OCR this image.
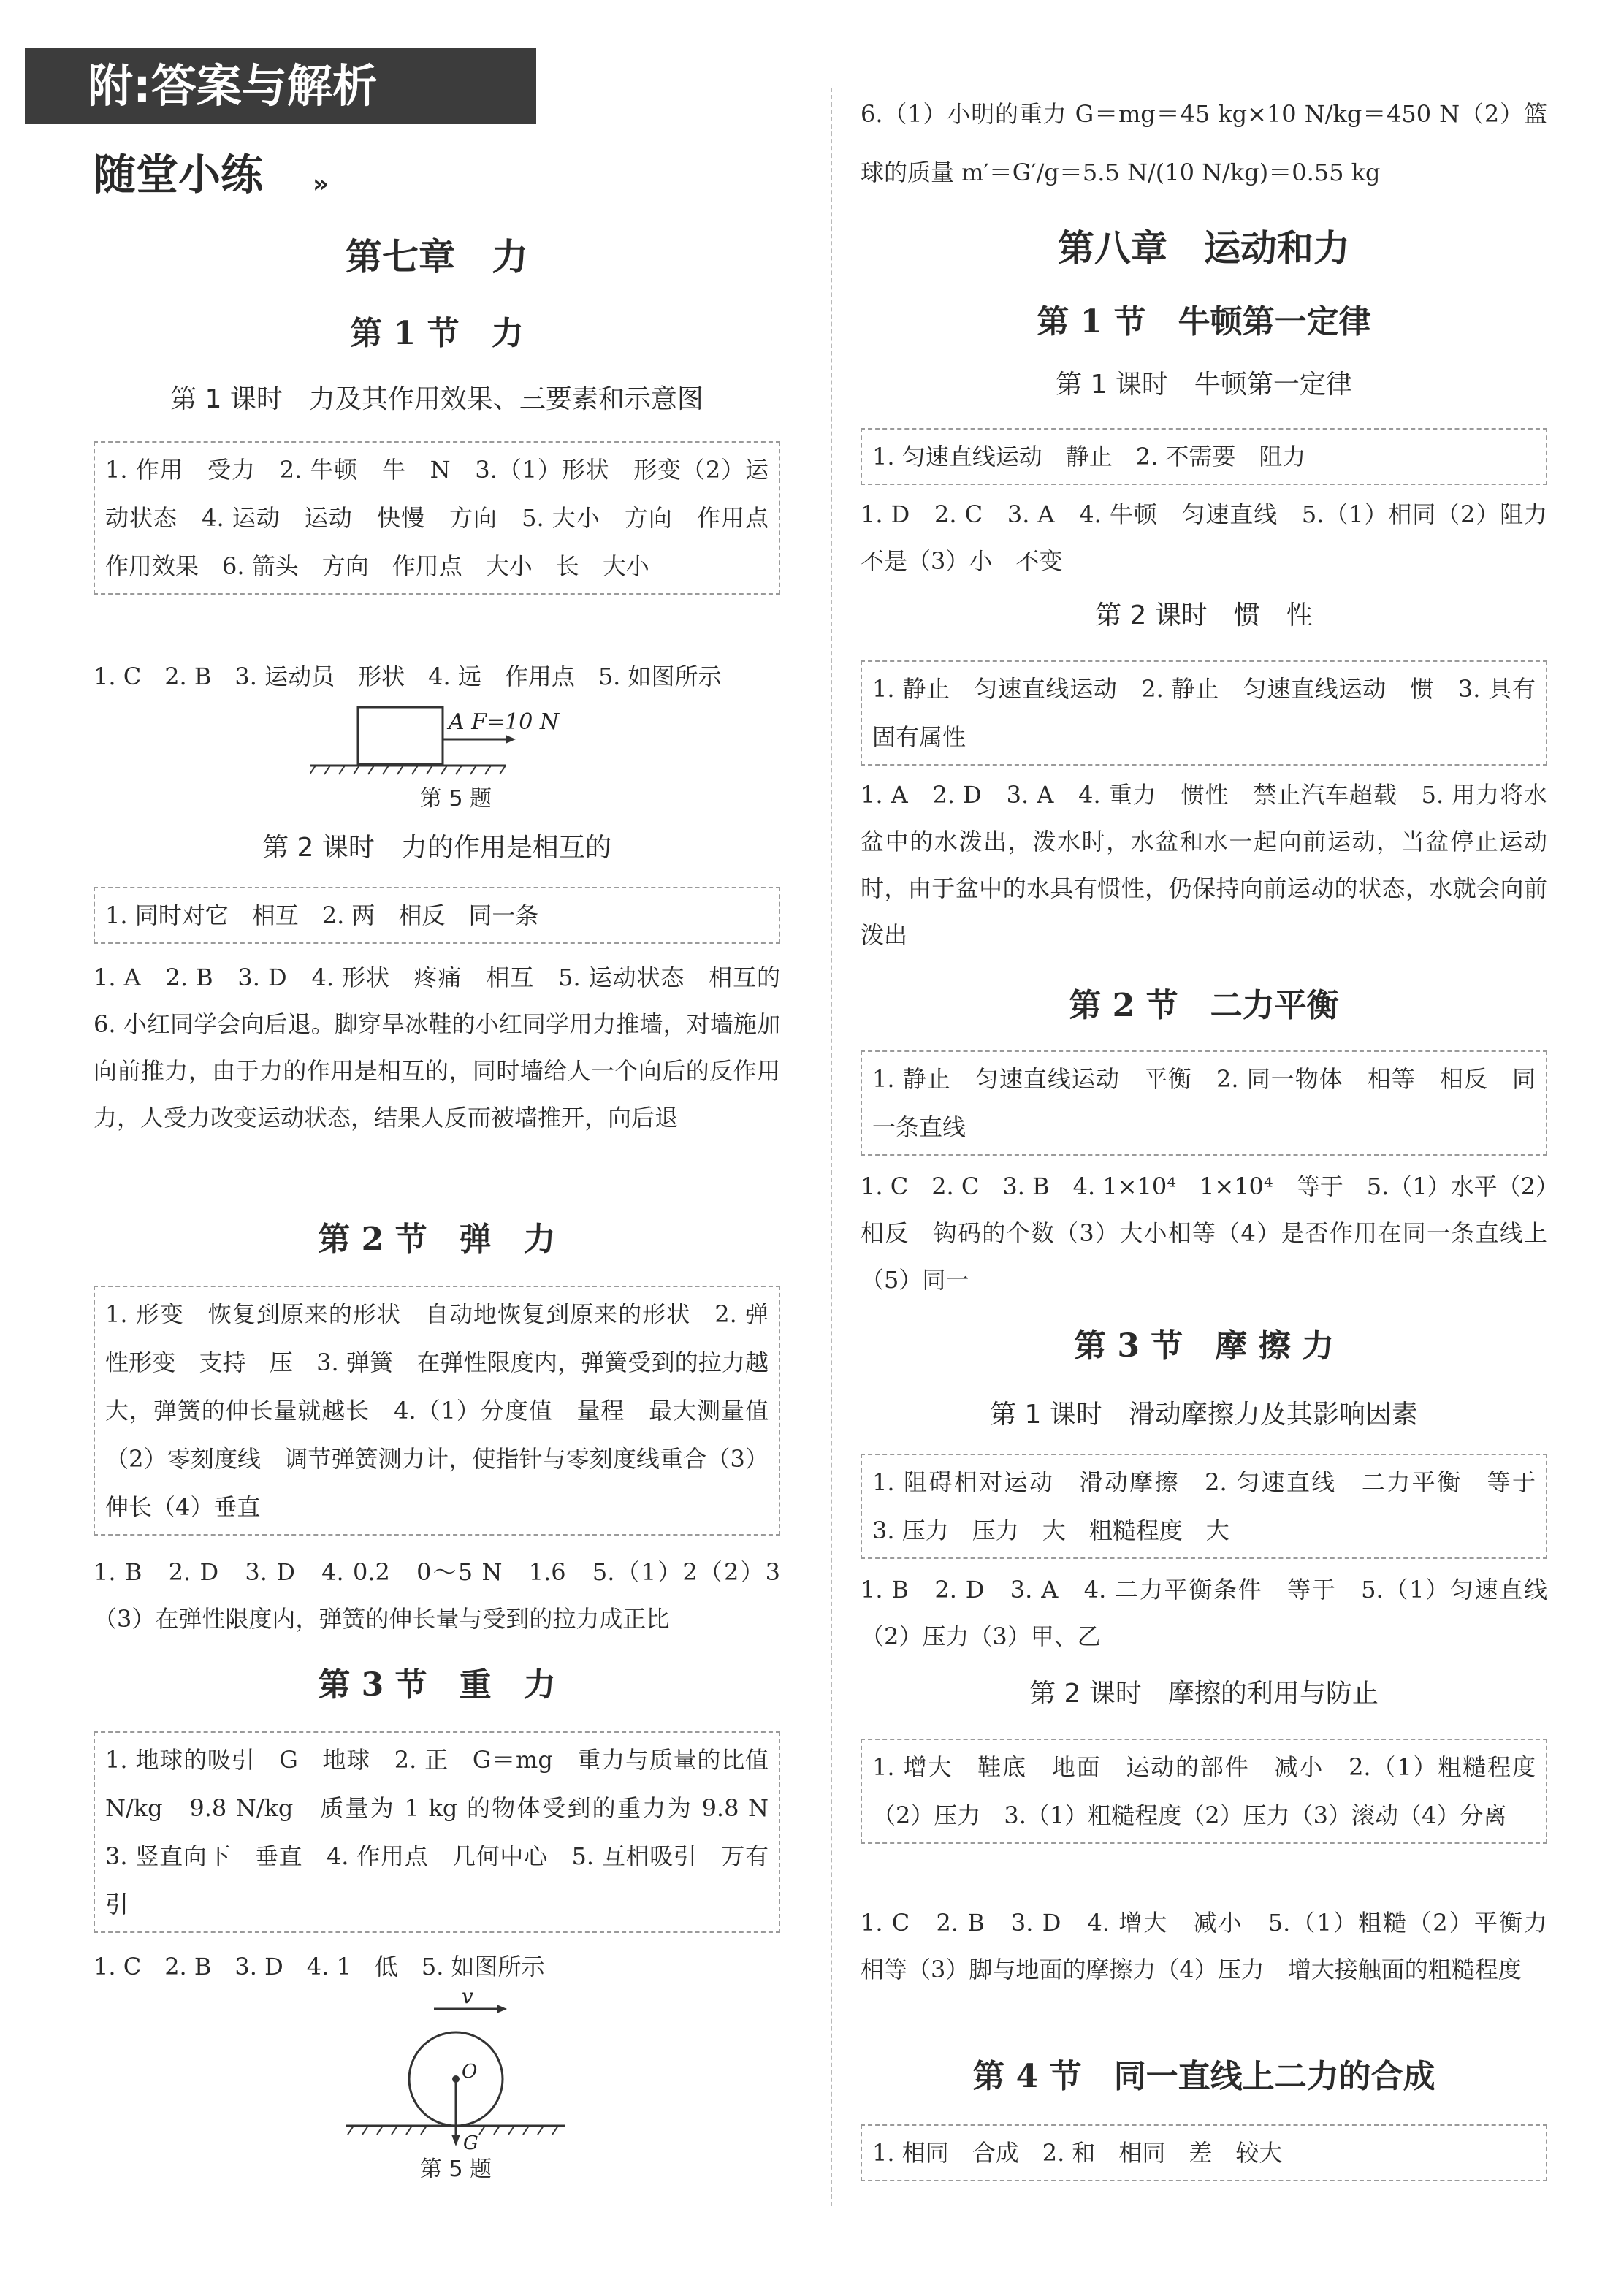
附:答案与解析
随堂小练 »
第七章　力
第 1 节　力
第 1 课时　力及其作用效果、三要素和示意图
1. 作用　受力　2. 牛顿　牛　N　3.（1）形状　形变（2）运动状态　4. 运动　运动　快慢　方向　5. 大小　方向　作用点　作用效果　6. 箭头　方向　作用点　大小　长　大小
1. C　2. B　3. 运动员　形状　4. 远　作用点　5. 如图所示
A F=10 N
第 5 题
第 2 课时　力的作用是相互的
1. 同时对它　相互　2. 两　相反　同一条
1. A　2. B　3. D　4. 形状　疼痛　相互　5. 运动状态　相互的　6. 小红同学会向后退。脚穿旱冰鞋的小红同学用力推墙，对墙施加向前推力，由于力的作用是相互的，同时墙给人一个向后的反作用力，人受力改变运动状态，结果人反而被墙推开，向后退
第 2 节　弹　力
1. 形变　恢复到原来的形状　自动地恢复到原来的形状　2. 弹性形变　支持　压　3. 弹簧　在弹性限度内，弹簧受到的拉力越大，弹簧的伸长量就越长　4.（1）分度值　量程　最大测量值（2）零刻度线　调节弹簧测力计，使指针与零刻度线重合（3）伸长（4）垂直
1. B　2. D　3. D　4. 0.2　0～5 N　1.6　5.（1）2（2）3（3）在弹性限度内，弹簧的伸长量与受到的拉力成正比
第 3 节　重　力
1. 地球的吸引　G　地球　2. 正　G＝mg　重力与质量的比值　N/kg　9.8 N/kg　质量为 1 kg 的物体受到的重力为 9.8 N　3. 竖直向下　垂直　4. 作用点　几何中心　5. 互相吸引　万有引
1. C　2. B　3. D　4. 1　低　5. 如图所示
v
O
G
第 5 题
6.（1）小明的重力 G＝mg＝45 kg×10 N/kg＝450 N（2）篮球的质量 m′＝G′/g＝5.5 N/(10 N/kg)＝0.55 kg
第八章　运动和力
第 1 节　牛顿第一定律
第 1 课时　牛顿第一定律
1. 匀速直线运动　静止　2. 不需要　阻力
1. D　2. C　3. A　4. 牛顿　匀速直线　5.（1）相同（2）阻力　不是（3）小　不变
第 2 课时　惯　性
1. 静止　匀速直线运动　2. 静止　匀速直线运动　惯　3. 具有　固有属性
1. A　2. D　3. A　4. 重力　惯性　禁止汽车超载　5. 用力将水盆中的水泼出，泼水时，水盆和水一起向前运动，当盆停止运动时，由于盆中的水具有惯性，仍保持向前运动的状态，水就会向前泼出
第 2 节　二力平衡
1. 静止　匀速直线运动　平衡　2. 同一物体　相等　相反　同一条直线
1. C　2. C　3. B　4. 1×10⁴　1×10⁴　等于　5.（1）水平（2）相反　钩码的个数（3）大小相等（4）是否作用在同一条直线上（5）同一
第 3 节　摩 擦 力
第 1 课时　滑动摩擦力及其影响因素
1. 阻碍相对运动　滑动摩擦　2. 匀速直线　二力平衡　等于　3. 压力　压力　大　粗糙程度　大
1. B　2. D　3. A　4. 二力平衡条件　等于　5.（1）匀速直线（2）压力（3）甲、乙
第 2 课时　摩擦的利用与防止
1. 增大　鞋底　地面　运动的部件　减小　2.（1）粗糙程度（2）压力　3.（1）粗糙程度（2）压力（3）滚动（4）分离
1. C　2. B　3. D　4. 增大　减小　5.（1）粗糙（2）平衡力　相等（3）脚与地面的摩擦力（4）压力　增大接触面的粗糙程度
第 4 节　同一直线上二力的合成
1. 相同　合成　2. 和　相同　差　较大
